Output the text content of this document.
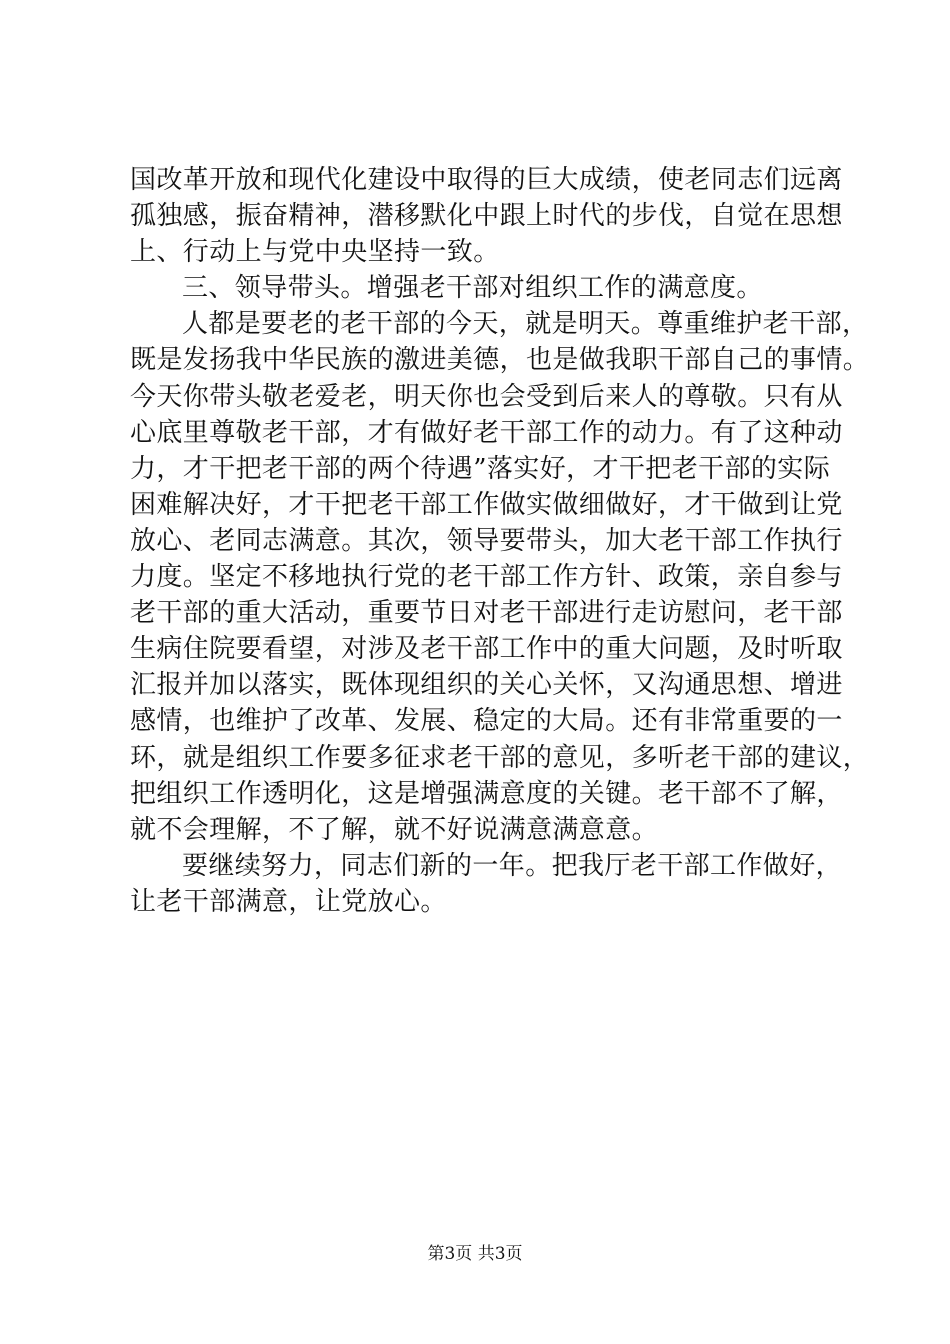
国改革开放和现代化建设中取得的巨大成绩，使老同志们远离
孤独感，振奋精神，潜移默化中跟上时代的步伐，自觉在思想
上、行动上与党中央坚持一致。
三、领导带头。增强老干部对组织工作的满意度。
人都是要老的老干部的今天，就是明天。尊重维护老干部，
既是发扬我中华民族的激进美德，也是做我职干部自己的事情。
今天你带头敬老爱老，明天你也会受到后来人的尊敬。只有从
心底里尊敬老干部，才有做好老干部工作的动力。有了这种动
力，才干把老干部的两个待遇”落实好，才干把老干部的实际
困难解决好，才干把老干部工作做实做细做好，才干做到让党
放心、老同志满意。其次，领导要带头，加大老干部工作执行
力度。坚定不移地执行党的老干部工作方针、政策，亲自参与
老干部的重大活动，重要节日对老干部进行走访慰问，老干部
生病住院要看望，对涉及老干部工作中的重大问题，及时听取
汇报并加以落实，既体现组织的关心关怀，又沟通思想、增进
感情，也维护了改革、发展、稳定的大局。还有非常重要的一
环，就是组织工作要多征求老干部的意见，多听老干部的建议，
把组织工作透明化，这是增强满意度的关键。老干部不了解，
就不会理解，不了解，就不好说满意满意意。
要继续努力，同志们新的一年。把我厅老干部工作做好，
让老干部满意，让党放心。
第3页 共3页
